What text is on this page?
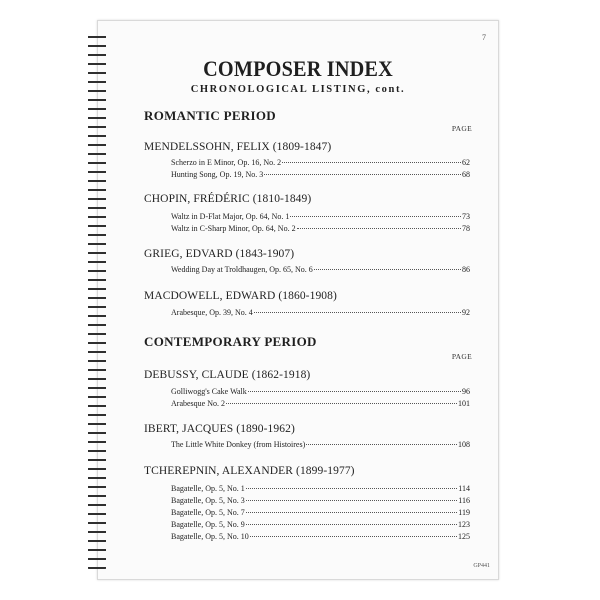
7
COMPOSER INDEX
CHRONOLOGICAL LISTING, cont.
ROMANTIC PERIOD
PAGE
MENDELSSOHN, FELIX (1809-1847)
Scherzo in E Minor, Op. 16, No. 2	62
Hunting Song, Op. 19, No. 3	68
CHOPIN, FRÉDÉRIC (1810-1849)
Waltz in D-Flat Major, Op. 64, No. 1	73
Waltz in C-Sharp Minor, Op. 64, No. 2	78
GRIEG, EDVARD (1843-1907)
Wedding Day at Troldhaugen, Op. 65, No. 6	86
MACDOWELL, EDWARD (1860-1908)
Arabesque, Op. 39, No. 4	92
CONTEMPORARY PERIOD
PAGE
DEBUSSY, CLAUDE (1862-1918)
Golliwogg's Cake Walk	96
Arabesque No. 2	101
IBERT, JACQUES (1890-1962)
The Little White Donkey (from Histoires)	108
TCHEREPNIN, ALEXANDER (1899-1977)
Bagatelle, Op. 5, No. 1	114
Bagatelle, Op. 5, No. 3	116
Bagatelle, Op. 5, No. 7	119
Bagatelle, Op. 5, No. 9	123
Bagatelle, Op. 5, No. 10	125
GP441
